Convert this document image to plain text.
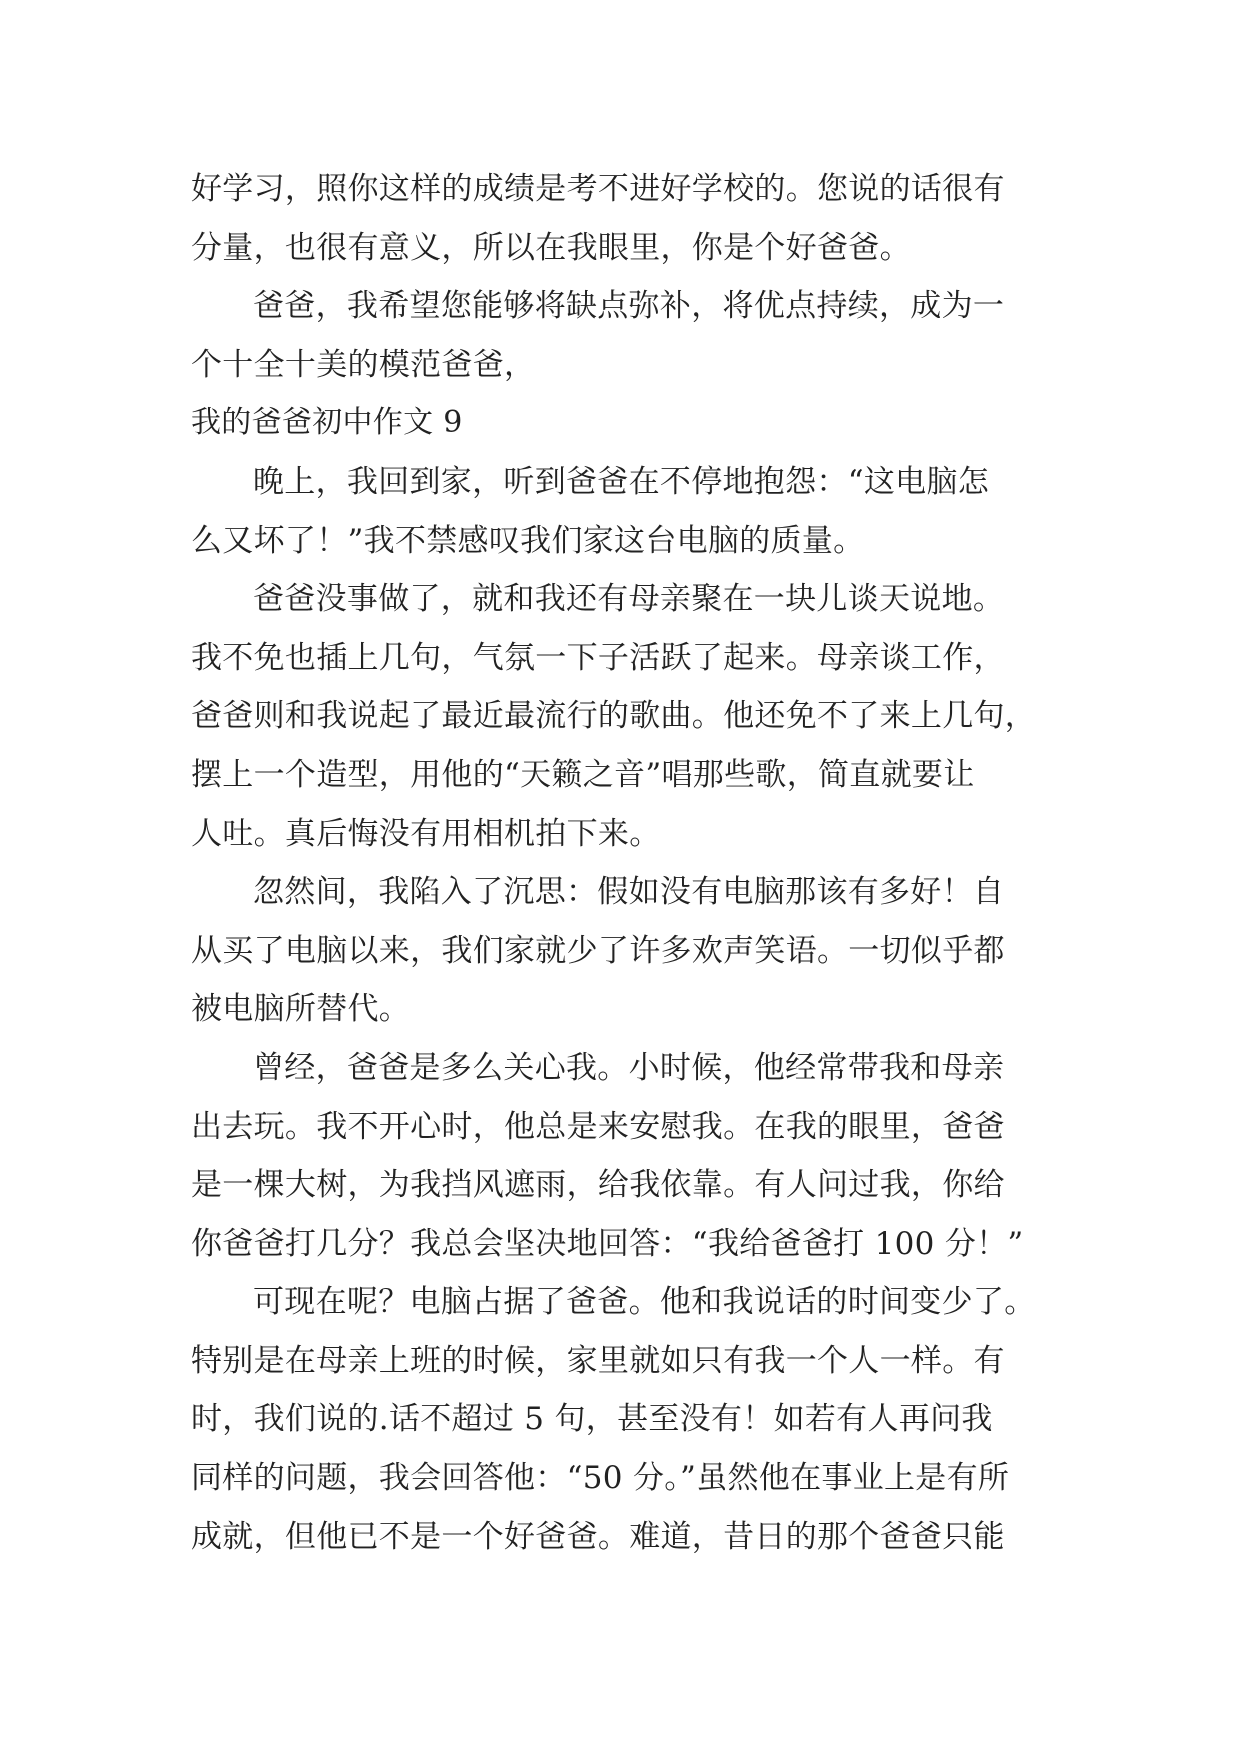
好学习，照你这样的成绩是考不进好学校的。您说的话很有
分量，也很有意义，所以在我眼里，你是个好爸爸。
爸爸，我希望您能够将缺点弥补，将优点持续，成为一
个十全十美的模范爸爸，
我的爸爸初中作文 9
晚上，我回到家，听到爸爸在不停地抱怨：“这电脑怎
么又坏了！”我不禁感叹我们家这台电脑的质量。
爸爸没事做了，就和我还有母亲聚在一块儿谈天说地。
我不免也插上几句，气氛一下子活跃了起来。母亲谈工作，
爸爸则和我说起了最近最流行的歌曲。他还免不了来上几句，
摆上一个造型，用他的“天籁之音”唱那些歌，简直就要让
人吐。真后悔没有用相机拍下来。
忽然间，我陷入了沉思：假如没有电脑那该有多好！自
从买了电脑以来，我们家就少了许多欢声笑语。一切似乎都
被电脑所替代。
曾经，爸爸是多么关心我。小时候，他经常带我和母亲
出去玩。我不开心时，他总是来安慰我。在我的眼里，爸爸
是一棵大树，为我挡风遮雨，给我依靠。有人问过我，你给
你爸爸打几分？我总会坚决地回答：“我给爸爸打 100 分！”
可现在呢？电脑占据了爸爸。他和我说话的时间变少了。
特别是在母亲上班的时候，家里就如只有我一个人一样。有
时，我们说的.话不超过 5 句，甚至没有！如若有人再问我
同样的问题，我会回答他：“50 分。”虽然他在事业上是有所
成就，但他已不是一个好爸爸。难道，昔日的那个爸爸只能
